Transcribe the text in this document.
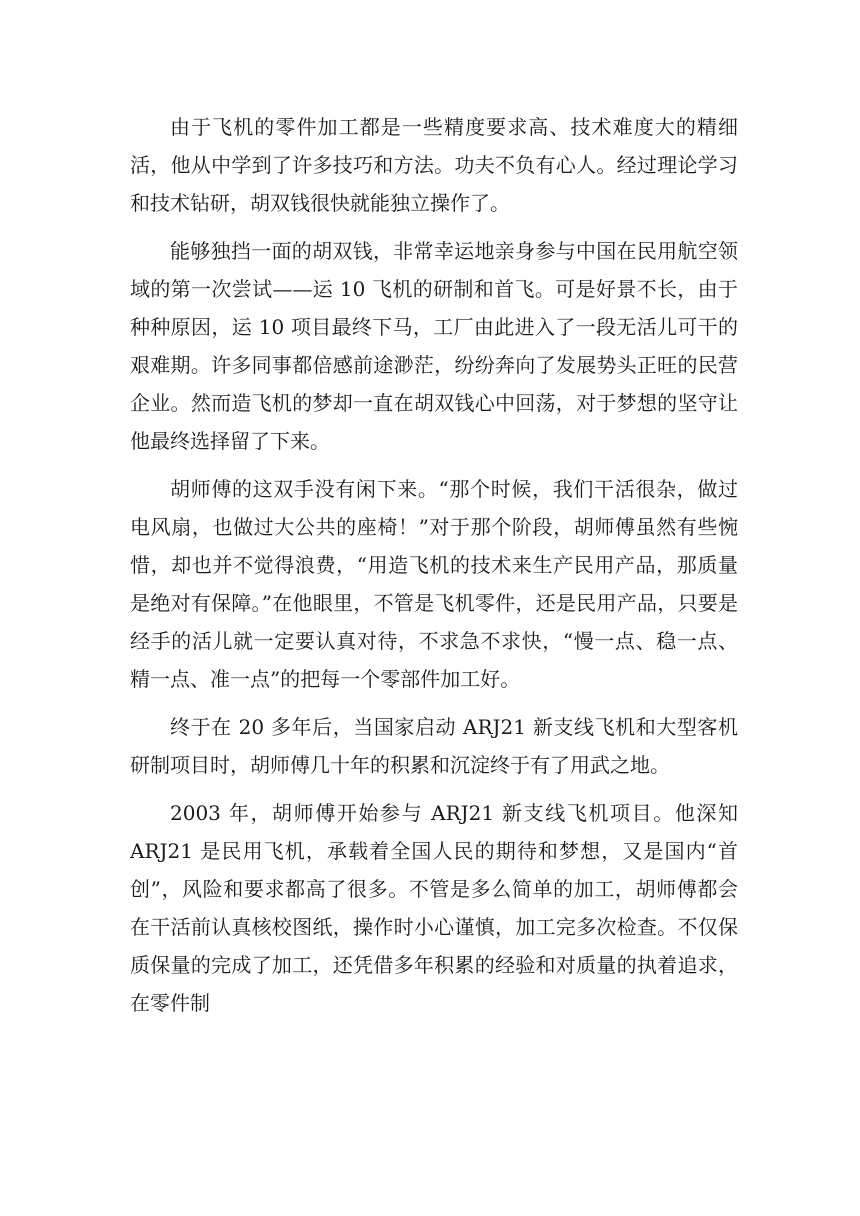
由于飞机的零件加工都是一些精度要求高、技术难度大的精细活，他从中学到了许多技巧和方法。功夫不负有心人。经过理论学习和技术钻研，胡双钱很快就能独立操作了。

能够独挡一面的胡双钱，非常幸运地亲身参与中国在民用航空领域的第一次尝试——运 10 飞机的研制和首飞。可是好景不长，由于种种原因，运 10 项目最终下马，工厂由此进入了一段无活儿可干的艰难期。许多同事都倍感前途渺茫，纷纷奔向了发展势头正旺的民营企业。然而造飞机的梦却一直在胡双钱心中回荡，对于梦想的坚守让他最终选择留了下来。

胡师傅的这双手没有闲下来。“那个时候，我们干活很杂，做过电风扇，也做过大公共的座椅！”对于那个阶段，胡师傅虽然有些惋惜，却也并不觉得浪费，“用造飞机的技术来生产民用产品，那质量是绝对有保障。”在他眼里，不管是飞机零件，还是民用产品，只要是经手的活儿就一定要认真对待，不求急不求快，“慢一点、稳一点、精一点、准一点”的把每一个零部件加工好。

终于在 20 多年后，当国家启动 ARJ21 新支线飞机和大型客机研制项目时，胡师傅几十年的积累和沉淀终于有了用武之地。

2003 年，胡师傅开始参与 ARJ21 新支线飞机项目。他深知 ARJ21 是民用飞机，承载着全国人民的期待和梦想，又是国内“首创”，风险和要求都高了很多。不管是多么简单的加工，胡师傅都会在干活前认真核校图纸，操作时小心谨慎，加工完多次检查。不仅保质保量的完成了加工，还凭借多年积累的经验和对质量的执着追求，在零件制
